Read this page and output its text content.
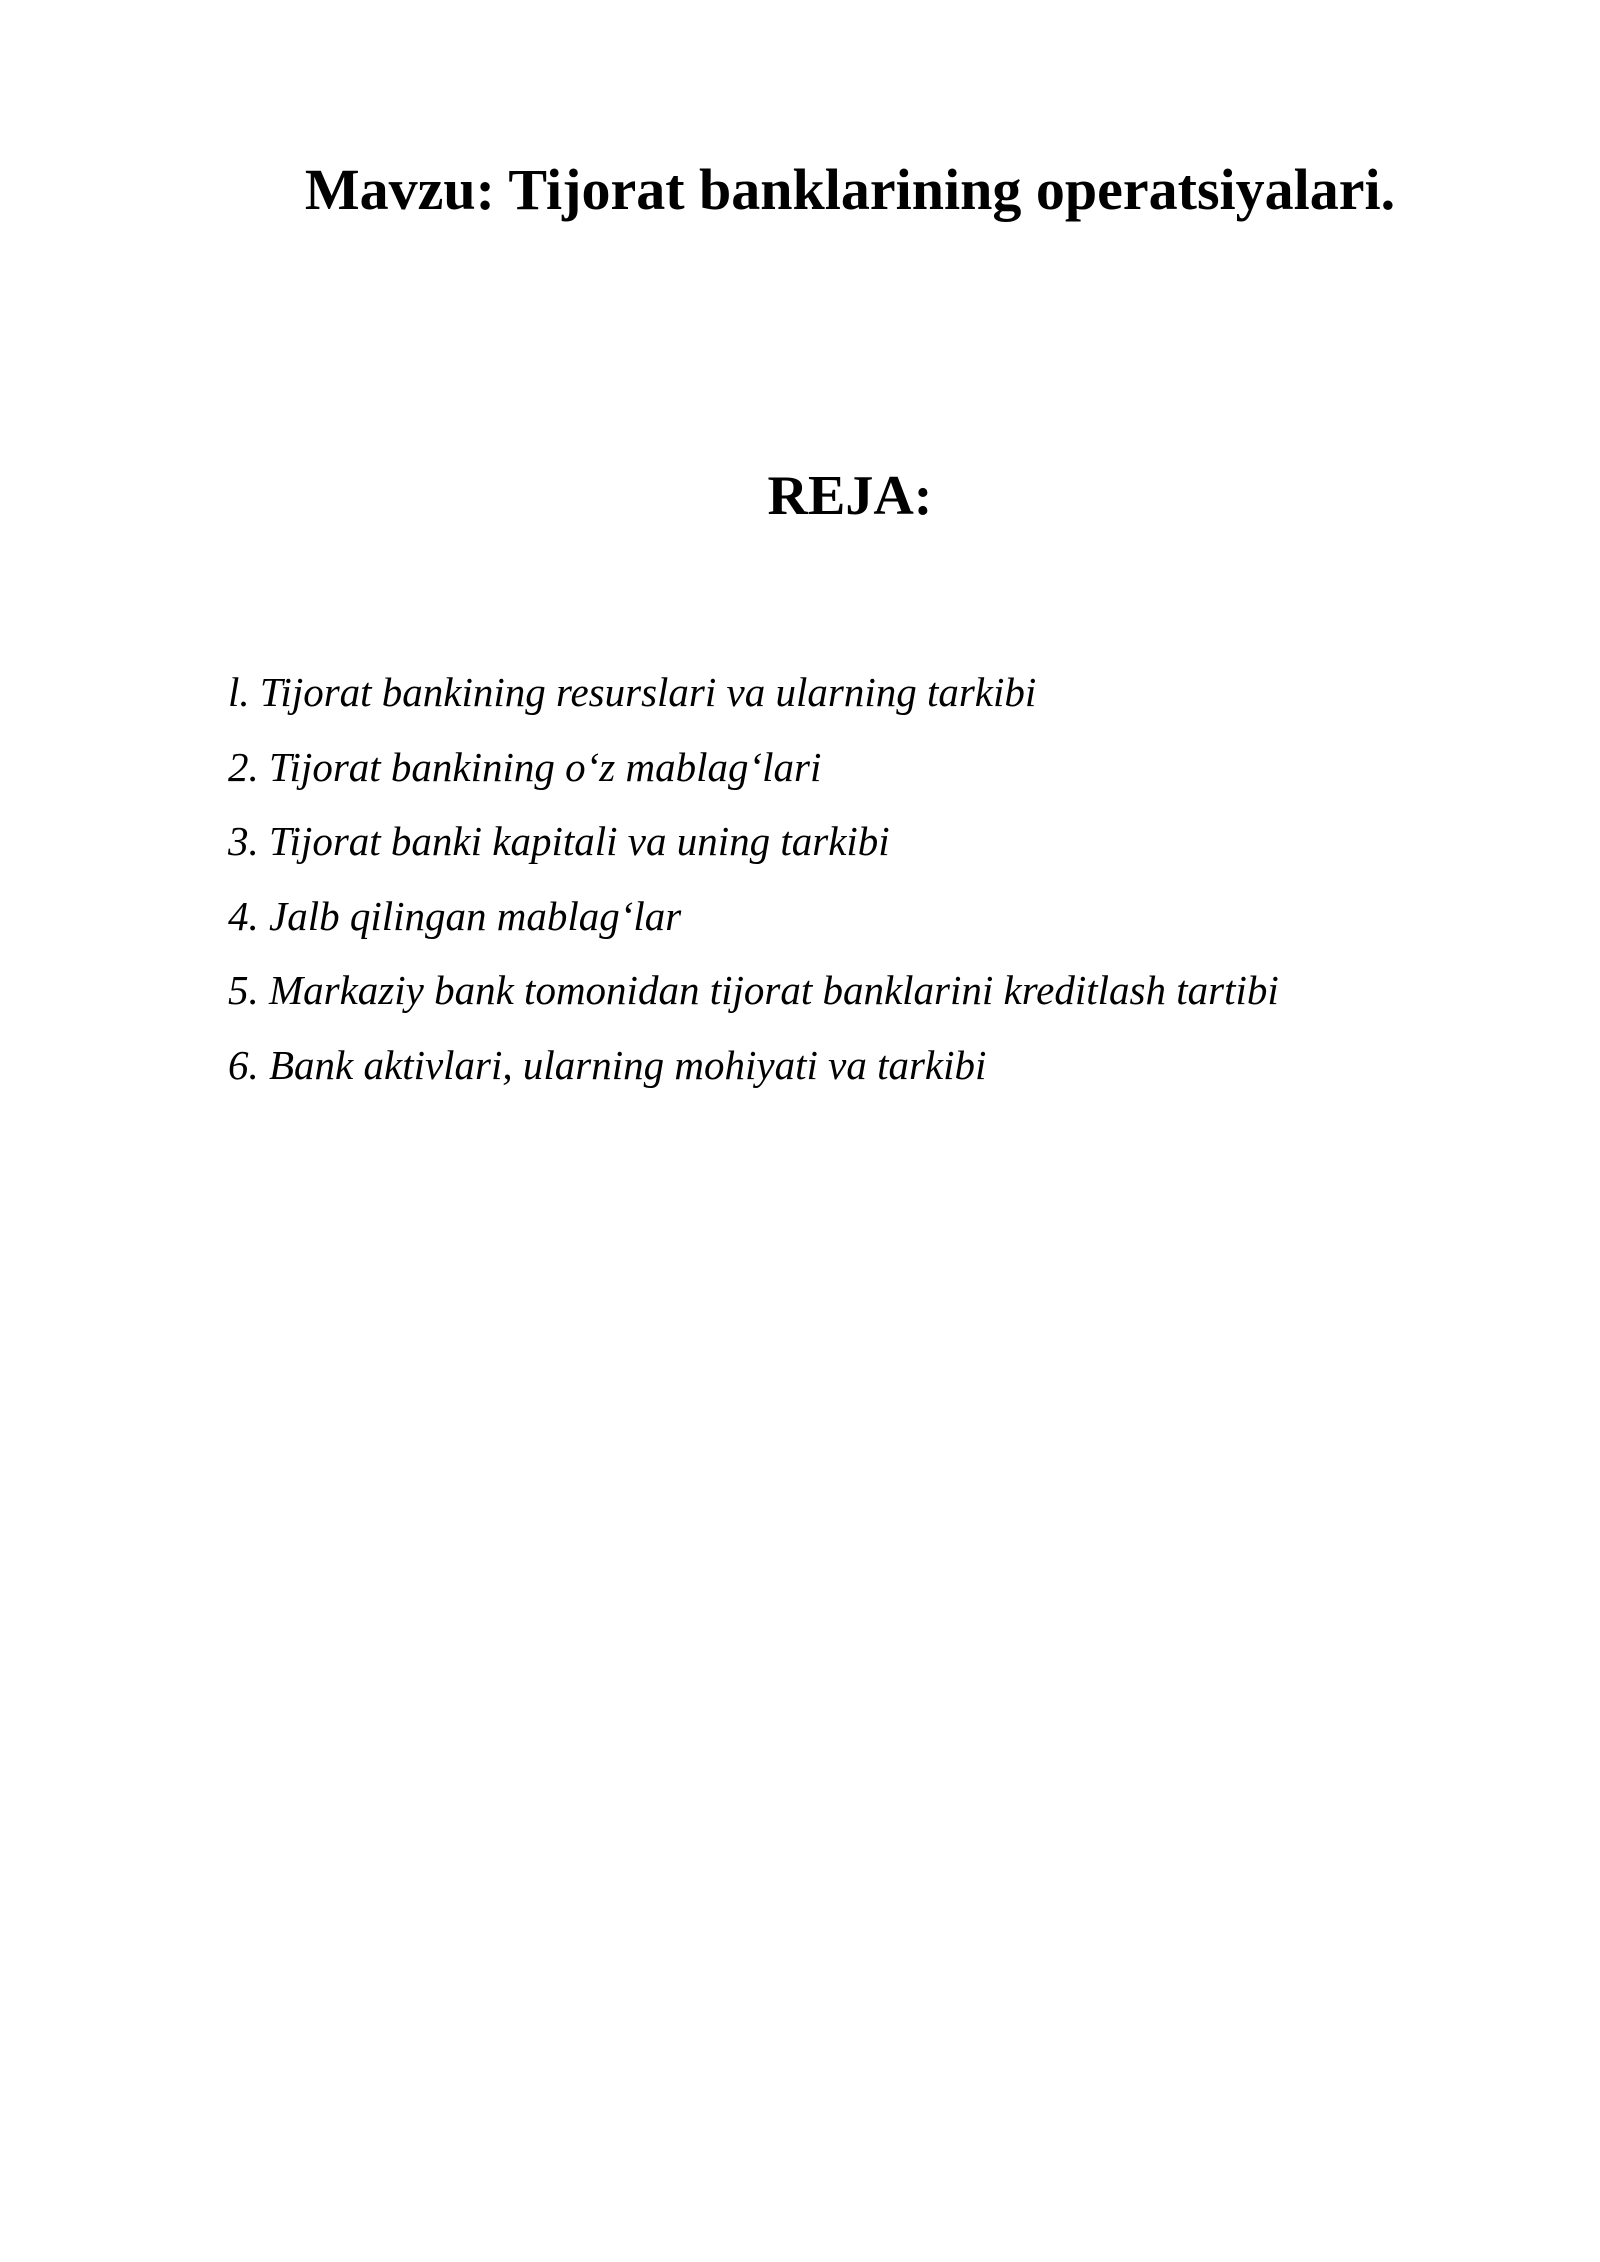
Mavzu: Tijorat banklarining operatsiyalari.
REJA:
l. Tijorat bankining resurslari va ularning tarkibi
2. Tijorat bankining o‘z mablag‘lari
3. Tijorat banki kapitali va uning tarkibi
4. Jalb qilingan mablag‘lar
5. Markaziy bank tomonidan tijorat banklarini kreditlash tartibi
6. Bank aktivlari, ularning mohiyati va tarkibi
